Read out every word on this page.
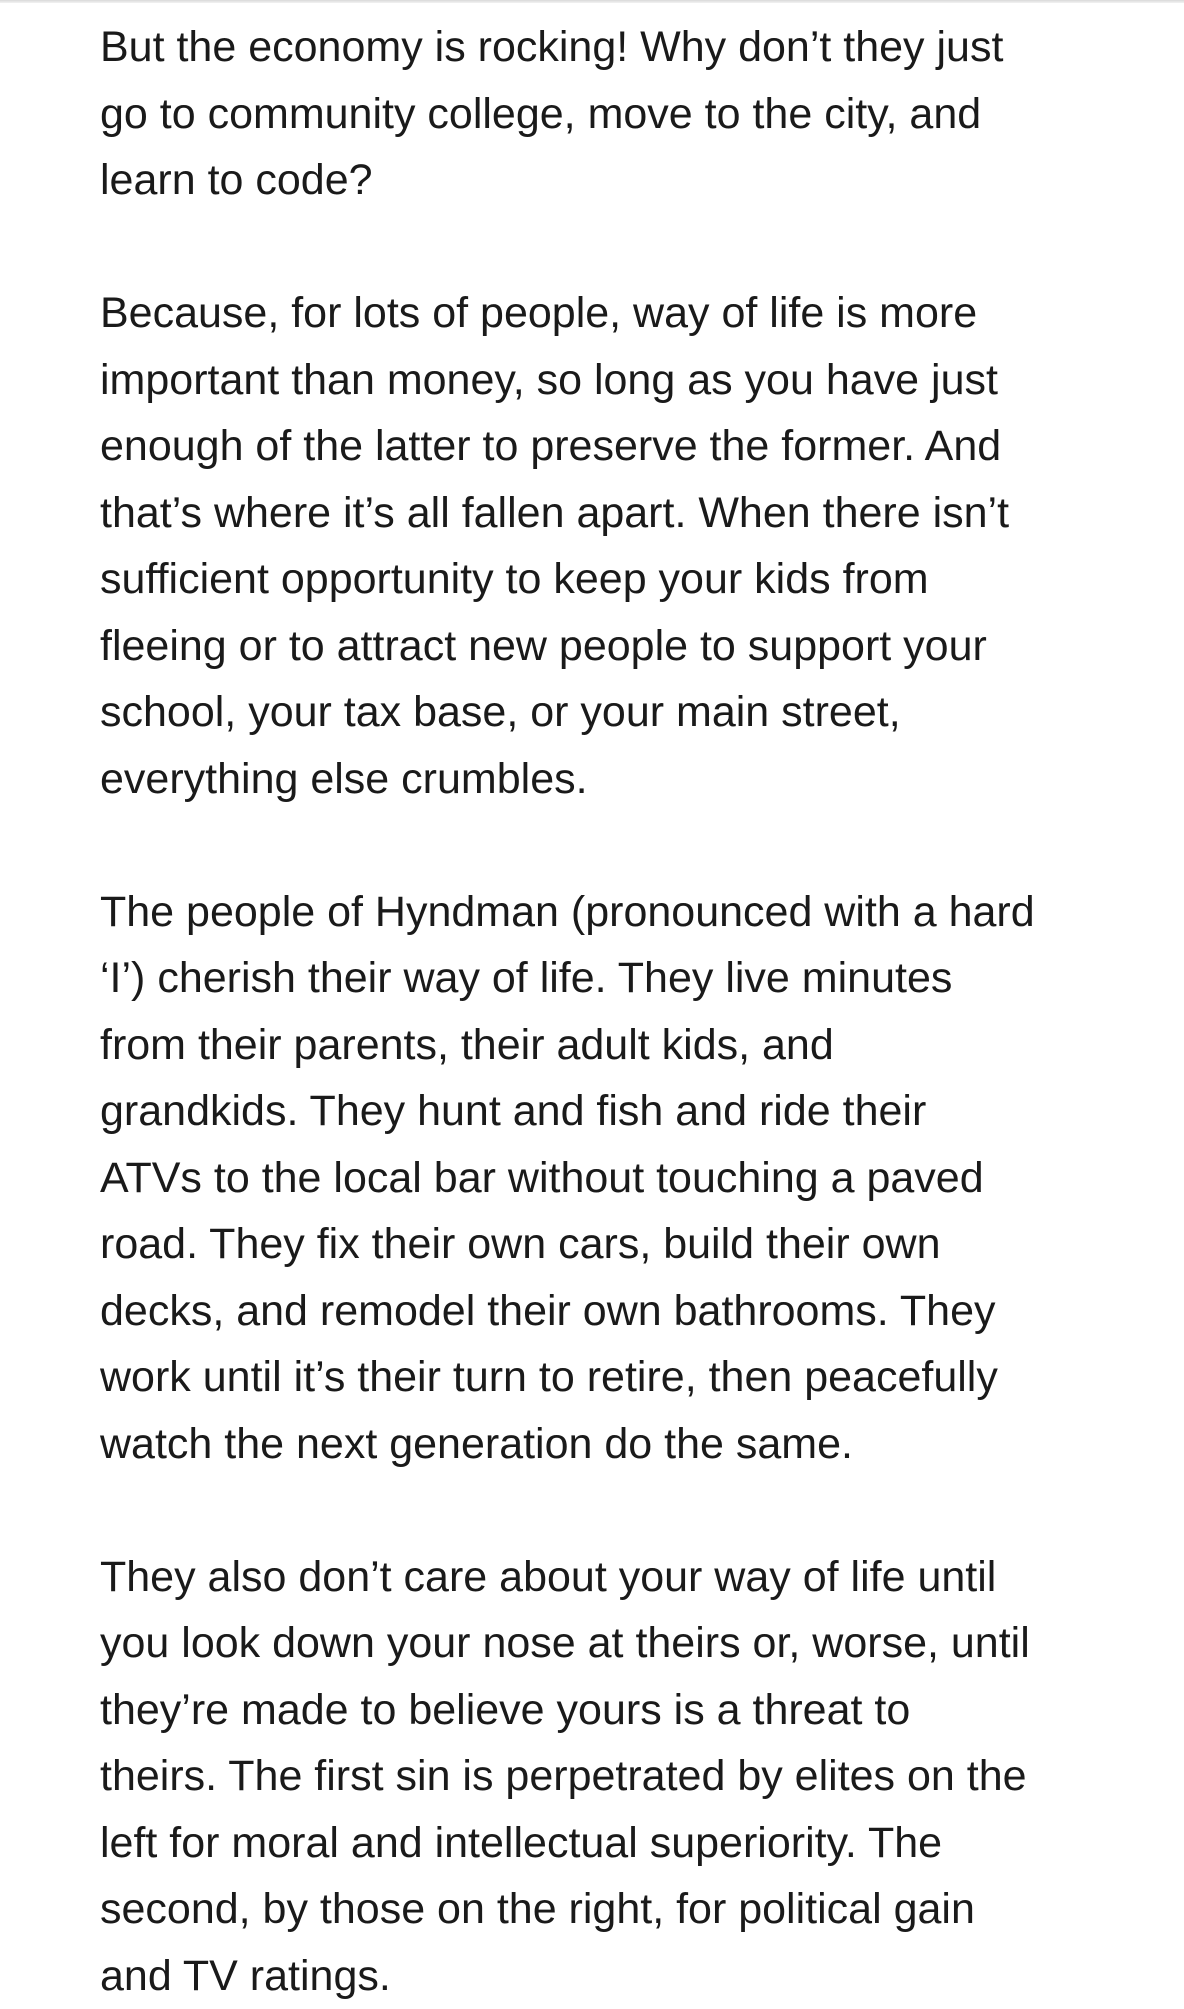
But the economy is rocking! Why don’t they just
go to community college, move to the city, and
learn to code?

Because, for lots of people, way of life is more
important than money, so long as you have just
enough of the latter to preserve the former. And
that’s where it’s all fallen apart. When there isn’t
sufficient opportunity to keep your kids from
fleeing or to attract new people to support your
school, your tax base, or your main street,
everything else crumbles.

The people of Hyndman (pronounced with a hard
‘I’) cherish their way of life. They live minutes
from their parents, their adult kids, and
grandkids. They hunt and fish and ride their
ATVs to the local bar without touching a paved
road. They fix their own cars, build their own
decks, and remodel their own bathrooms. They
work until it’s their turn to retire, then peacefully
watch the next generation do the same.

They also don’t care about your way of life until
you look down your nose at theirs or, worse, until
they’re made to believe yours is a threat to
theirs. The first sin is perpetrated by elites on the
left for moral and intellectual superiority. The
second, by those on the right, for political gain
and TV ratings.
